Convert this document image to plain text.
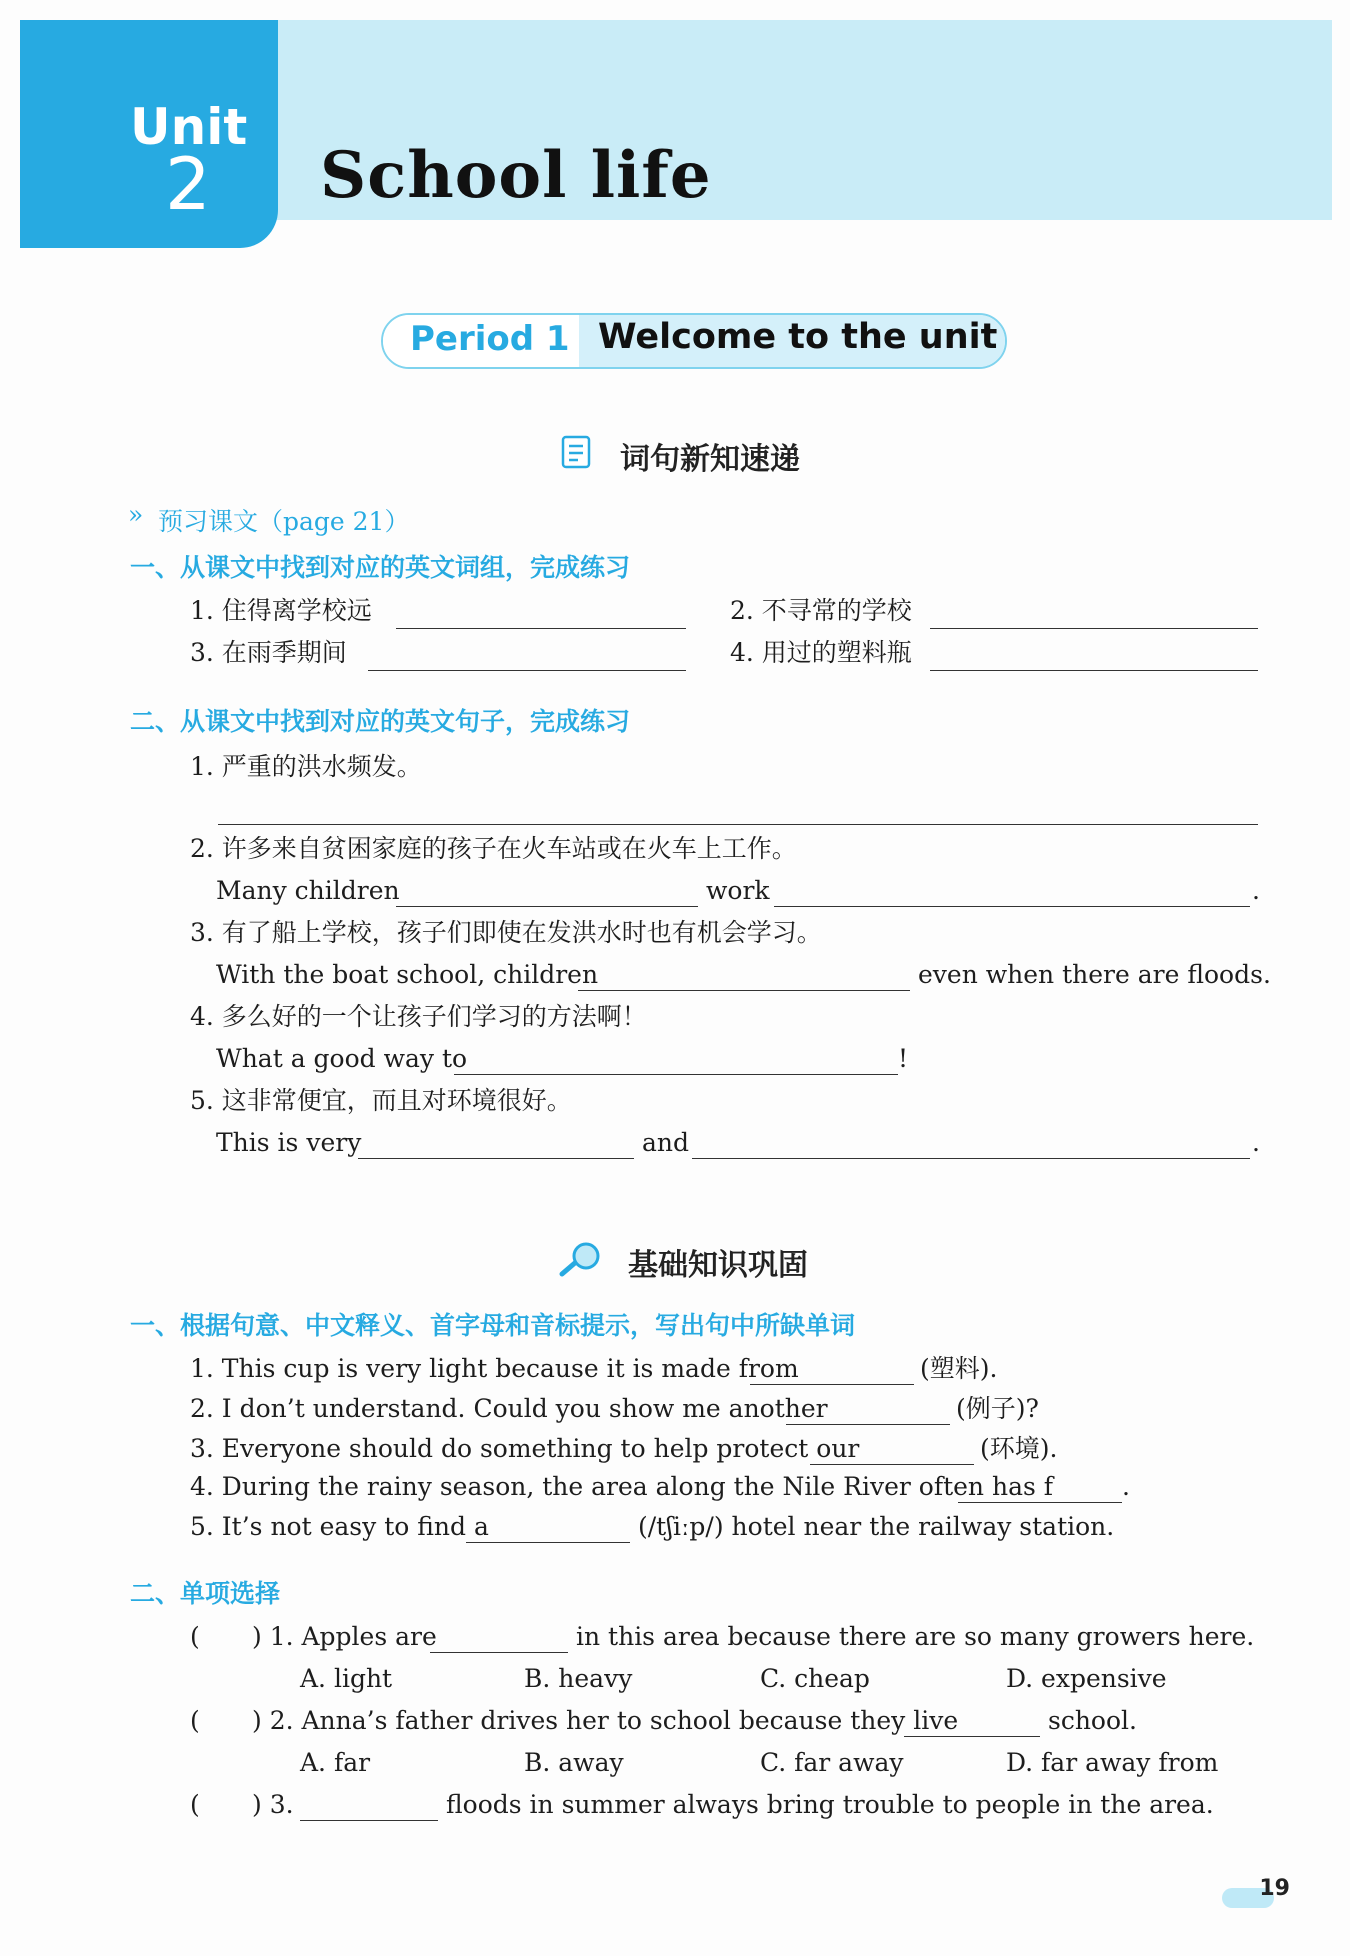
Unit
2 School life
Period 1 Welcome to the unit
词句新知速递
» 预习课文（page 21）
一、从课文中找到对应的英文词组，完成练习
1. 住得离学校远	2. 不寻常的学校
3. 在雨季期间	4. 用过的塑料瓶
二、从课文中找到对应的英文句子，完成练习
1. 严重的洪水频发。
2. 许多来自贫困家庭的孩子在火车站或在火车上工作。
Many children	work	.
3. 有了船上学校，孩子们即使在发洪水时也有机会学习。
With the boat school, children	even when there are floods.
4. 多么好的一个让孩子们学习的方法啊！
What a good way to	!
5. 这非常便宜，而且对环境很好。
This is very	and	.
基础知识巩固
一、根据句意、中文释义、首字母和音标提示，写出句中所缺单词
1. This cup is very light because it is made from	(塑料).
2. I don’t understand. Could you show me another	(例子)?
3. Everyone should do something to help protect our	(环境).
4. During the rainy season, the area along the Nile River often has f	.
5. It’s not easy to find a	(/tʃiːp/) hotel near the railway station.
二、单项选择
( ) 1. Apples are	in this area because there are so many growers here.
A. light	B. heavy	C. cheap	D. expensive
( ) 2. Anna’s father drives her to school because they live	school.
A. far	B. away	C. far away	D. far away from
( ) 3.	floods in summer always bring trouble to people in the area.
19
